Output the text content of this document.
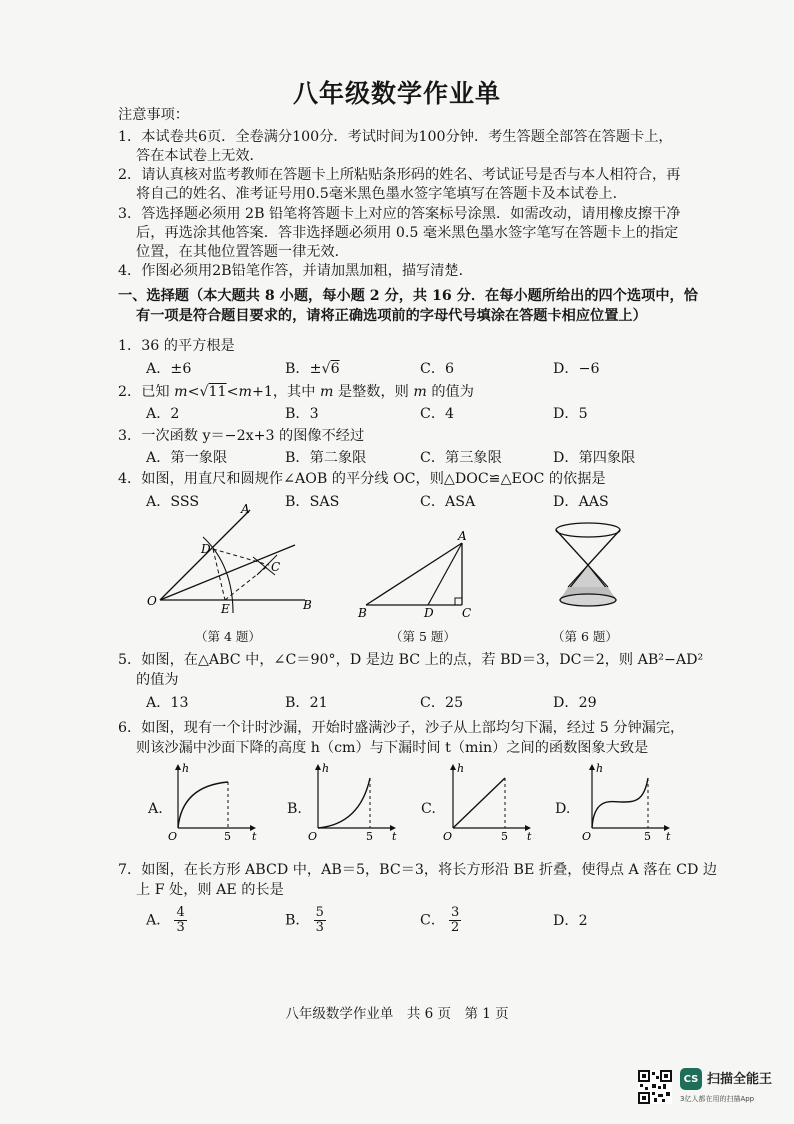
八年级数学作业单
注意事项：
1．本试卷共6页．全卷满分100分．考试时间为100分钟．考生答题全部答在答题卡上，
答在本试卷上无效．
2．请认真核对监考教师在答题卡上所粘贴条形码的姓名、考试证号是否与本人相符合，再
将自己的姓名、准考证号用0.5毫米黑色墨水签字笔填写在答题卡及本试卷上．
3．答选择题必须用 2B 铅笔将答题卡上对应的答案标号涂黑．如需改动，请用橡皮擦干净
后，再选涂其他答案．答非选择题必须用 0.5 毫米黑色墨水签字笔写在答题卡上的指定
位置，在其他位置答题一律无效．
4．作图必须用2B铅笔作答，并请加黑加粗，描写清楚．
一、选择题（本大题共 8 小题，每小题 2 分，共 16 分．在每小题所给出的四个选项中，恰
有一项是符合题目要求的，请将正确选项前的字母代号填涂在答题卡相应位置上）
1．36 的平方根是
A．±6	B．±√6	C．6	D．−6
2．已知 m<√11<m+1，其中 m 是整数，则 m 的值为
A．2	B．3	C．4	D．5
3．一次函数 y＝−2x+3 的图像不经过
A．第一象限	B．第二象限	C．第三象限	D．第四象限
4．如图，用直尺和圆规作∠AOB 的平分线 OC，则△DOC≌△EOC 的依据是
A．SSS	B．SAS	C．ASA	D．AAS
A
B
C
D
E
O
（第 4 题）
A
B	D C
（第 5 题）	（第 6 题）
5．如图，在△ABC 中，∠C＝90°，D 是边 BC 上的点，若 BD＝3，DC＝2，则 AB²−AD²
的值为
A．13	B．21	C．25	D．29
6．如图，现有一个计时沙漏，开始时盛满沙子，沙子从上部均匀下漏，经过 5 分钟漏完，
则该沙漏中沙面下降的高度 h（cm）与下漏时间 t（min）之间的函数图象大致是
A.	B.	C.	D.
h
t
O	5
h
t
O	5
h
t
O	5
h
t
O	5
7．如图，在长方形 ABCD 中，AB＝5，BC＝3，将长方形沿 BE 折叠，使得点 A 落在 CD 边
上 F 处，则 AE 的长是
A． $\frac{4}{3}$	B． $\frac{5}{3}$	C． $\frac{3}{2}$	D．2
八年级数学作业单　共 6 页　第 1 页
CS 扫描全能王
3亿人都在用的扫描App
